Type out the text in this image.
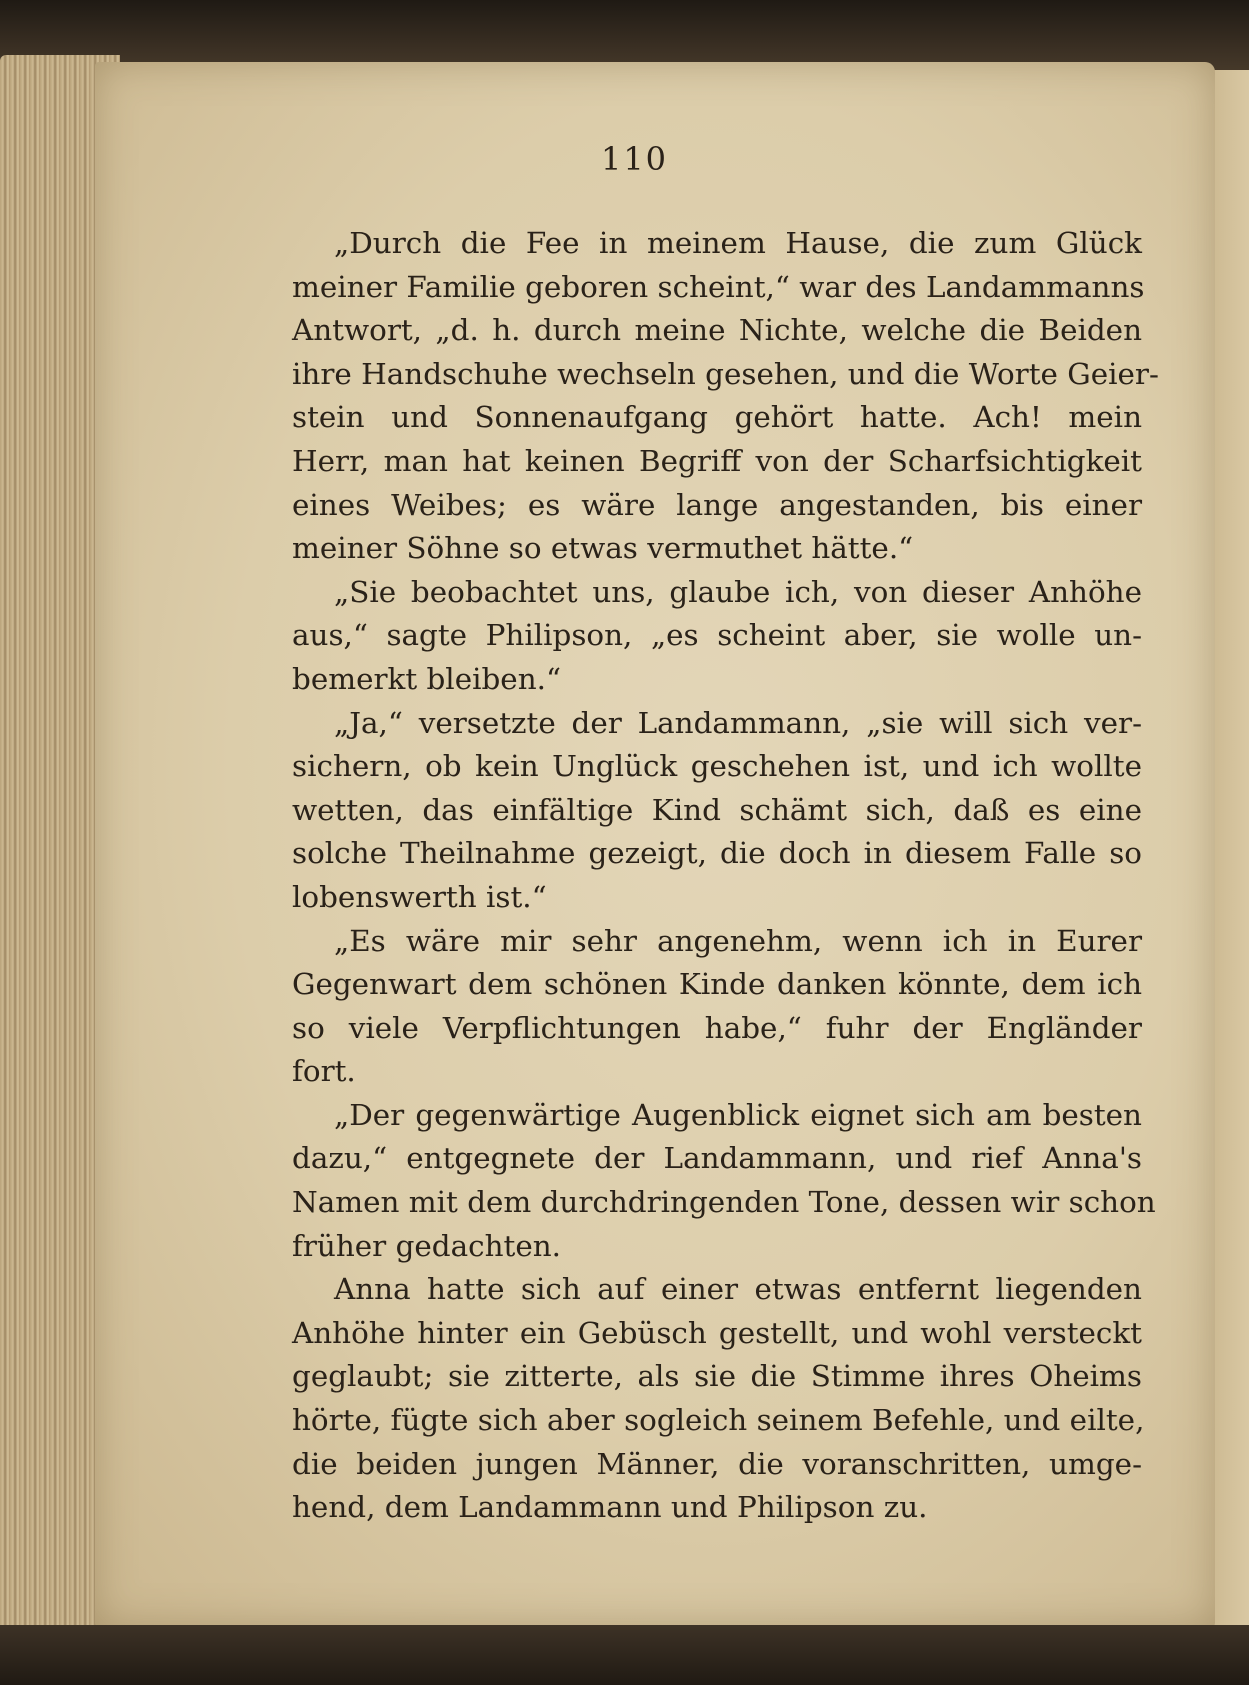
110

„Durch die Fee in meinem Hause, die zum Glück
meiner Familie geboren scheint,“ war des Landammanns
Antwort, „d. h. durch meine Nichte, welche die Beiden
ihre Handschuhe wechseln gesehen, und die Worte Geier-
stein und Sonnenaufgang gehört hatte. Ach! mein
Herr, man hat keinen Begriff von der Scharfsichtigkeit
eines Weibes; es wäre lange angestanden, bis einer
meiner Söhne so etwas vermuthet hätte.“

„Sie beobachtet uns, glaube ich, von dieser Anhöhe
aus,“ sagte Philipson, „es scheint aber, sie wolle un-
bemerkt bleiben.“

„Ja,“ versetzte der Landammann, „sie will sich ver-
sichern, ob kein Unglück geschehen ist, und ich wollte
wetten, das einfältige Kind schämt sich, daß es eine
solche Theilnahme gezeigt, die doch in diesem Falle so
lobenswerth ist.“

„Es wäre mir sehr angenehm, wenn ich in Eurer
Gegenwart dem schönen Kinde danken könnte, dem ich
so viele Verpflichtungen habe,“ fuhr der Engländer
fort.

„Der gegenwärtige Augenblick eignet sich am besten
dazu,“ entgegnete der Landammann, und rief Anna's
Namen mit dem durchdringenden Tone, dessen wir schon
früher gedachten.

Anna hatte sich auf einer etwas entfernt liegenden
Anhöhe hinter ein Gebüsch gestellt, und wohl versteckt
geglaubt; sie zitterte, als sie die Stimme ihres Oheims
hörte, fügte sich aber sogleich seinem Befehle, und eilte,
die beiden jungen Männer, die voranschritten, umge-
hend, dem Landammann und Philipson zu.
